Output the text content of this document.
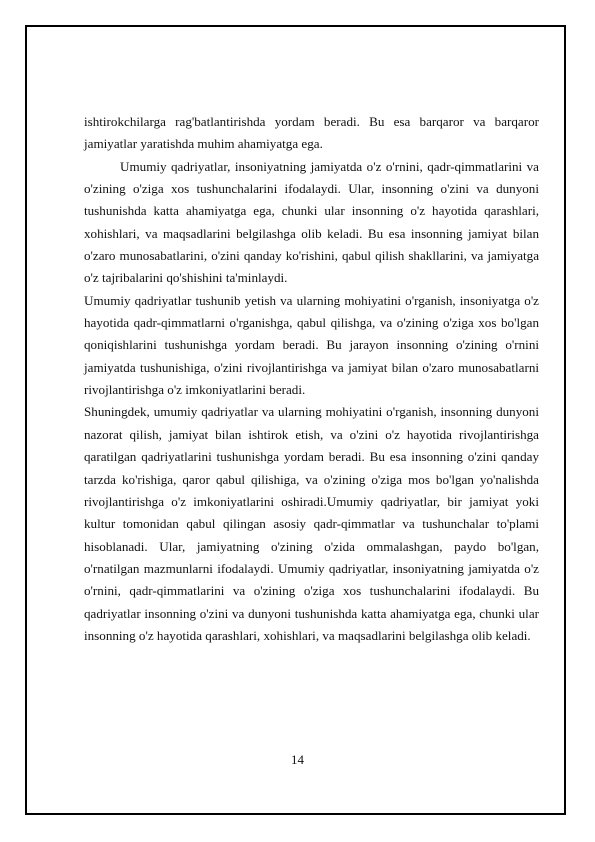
ishtirokchilarga rag'batlantirishda yordam beradi. Bu esa barqaror va barqaror jamiyatlar yaratishda muhim ahamiyatga ega.

Umumiy qadriyatlar, insoniyatning jamiyatda o'z o'rnini, qadr-qimmatlarini va o'zining o'ziga xos tushunchalarini ifodalaydi. Ular, insonning o'zini va dunyoni tushunishda katta ahamiyatga ega, chunki ular insonning o'z hayotida qarashlari, xohishlari, va maqsadlarini belgilashga olib keladi. Bu esa insonning jamiyat bilan o'zaro munosabatlarini, o'zini qanday ko'rishini, qabul qilish shakllarini, va jamiyatga o'z tajribalarini qo'shishini ta'minlaydi.

Umumiy qadriyatlar tushunib yetish va ularning mohiyatini o'rganish, insoniyatga o'z hayotida qadr-qimmatlarni o'rganishga, qabul qilishga, va o'zining o'ziga xos bo'lgan qoniqishlarini tushunishga yordam beradi. Bu jarayon insonning o'zining o'rnini jamiyatda tushunishiga, o'zini rivojlantirishga va jamiyat bilan o'zaro munosabatlarni rivojlantirishga o'z imkoniyatlarini beradi.

Shuningdek, umumiy qadriyatlar va ularning mohiyatini o'rganish, insonning dunyoni nazorat qilish, jamiyat bilan ishtirok etish, va o'zini o'z hayotida rivojlantirishga qaratilgan qadriyatlarini tushunishga yordam beradi. Bu esa insonning o'zini qanday tarzda ko'rishiga, qaror qabul qilishiga, va o'zining o'ziga mos bo'lgan yo'nalishda rivojlantirishga o'z imkoniyatlarini oshiradi.Umumiy qadriyatlar, bir jamiyat yoki kultur tomonidan qabul qilingan asosiy qadr-qimmatlar va tushunchalar to'plami hisoblanadi. Ular, jamiyatning o'zining o'zida ommalashgan, paydo bo'lgan, o'rnatilgan mazmunlarni ifodalaydi. Umumiy qadriyatlar, insoniyatning jamiyatda o'z o'rnini, qadr-qimmatlarini va o'zining o'ziga xos tushunchalarini ifodalaydi. Bu qadriyatlar insonning o'zini va dunyoni tushunishda katta ahamiyatga ega, chunki ular insonning o'z hayotida qarashlari, xohishlari, va maqsadlarini belgilashga olib keladi.

14
